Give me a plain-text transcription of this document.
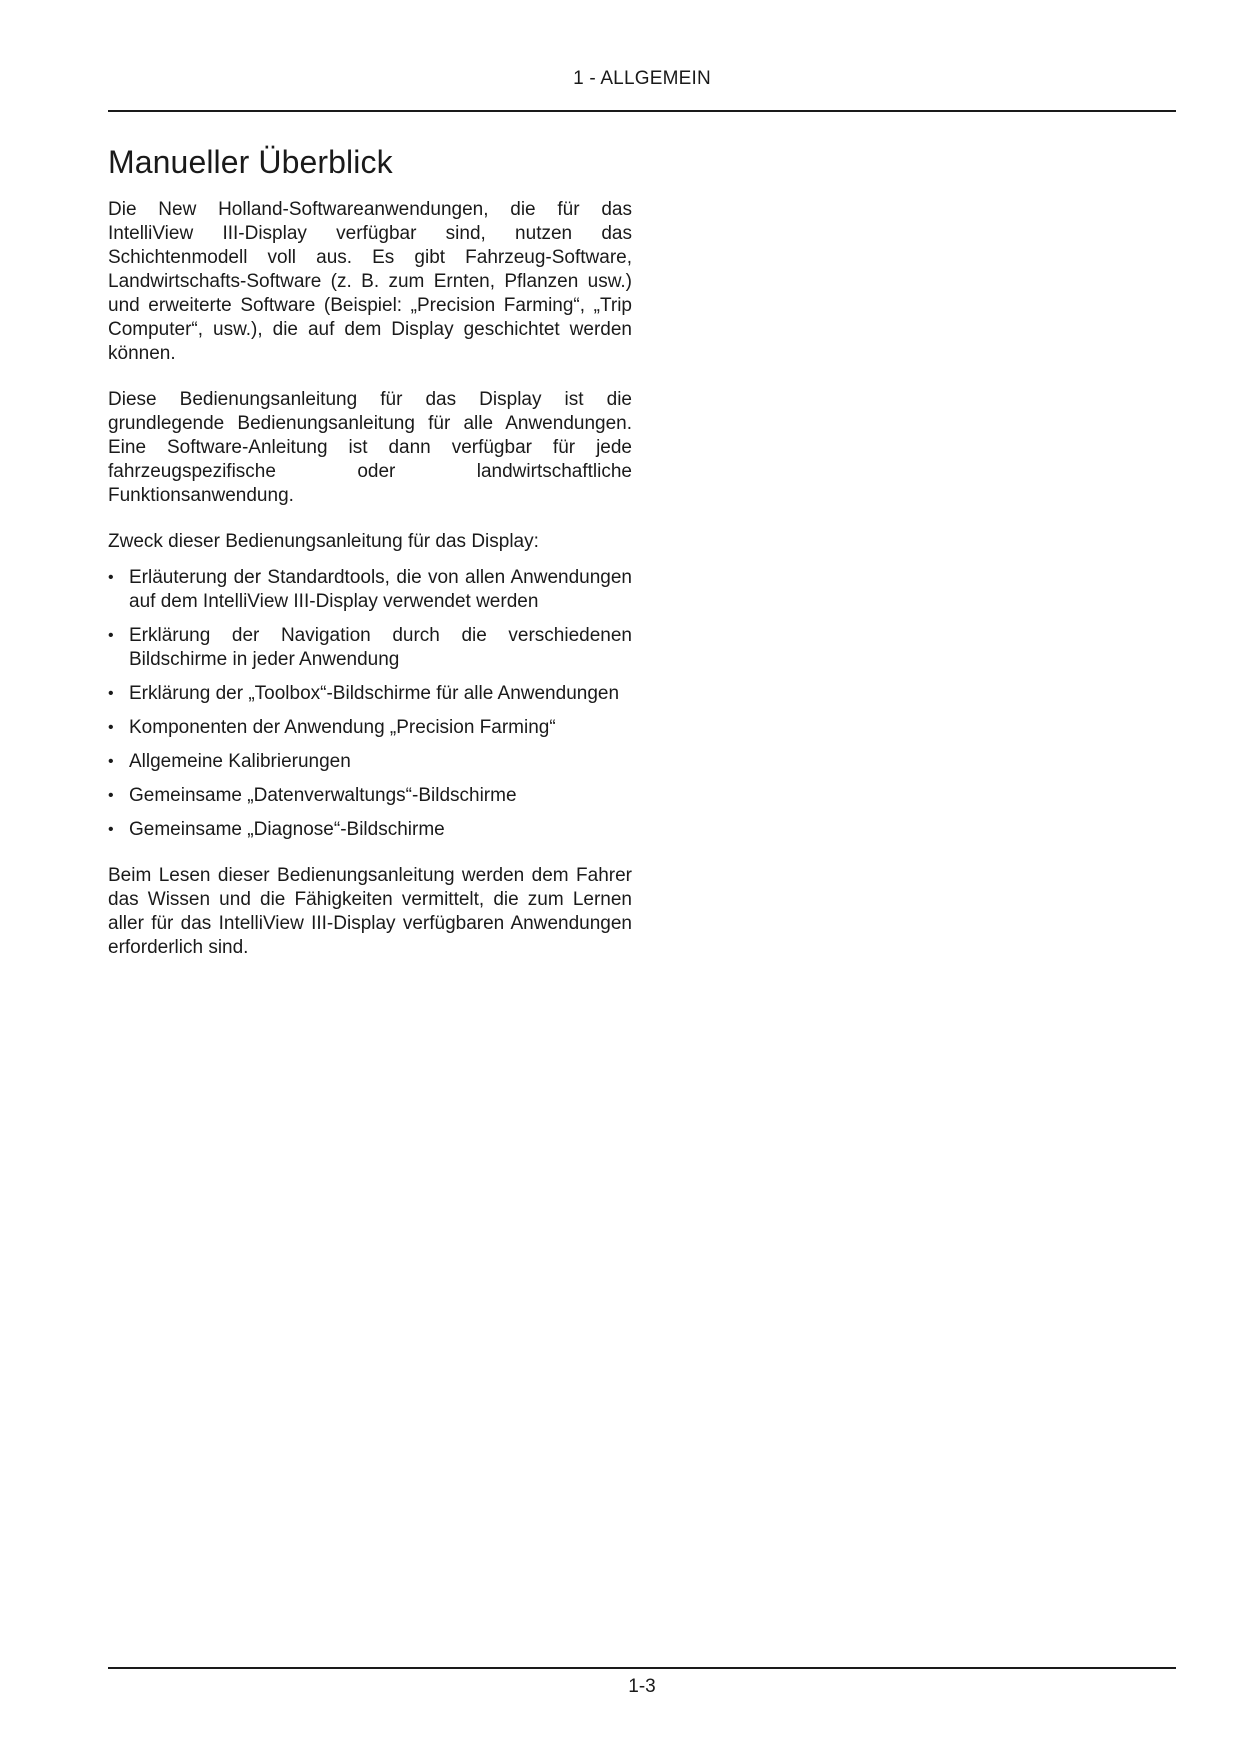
1 - ALLGEMEIN
Manueller Überblick

Die New Holland-Softwareanwendungen, die für das IntelliView III-Display verfügbar sind, nutzen das Schichtenmodell voll aus. Es gibt Fahrzeug-Software, Landwirtschafts-Software (z. B. zum Ernten, Pflanzen usw.) und erweiterte Software (Beispiel: „Precision Farming“, „Trip Computer“, usw.), die auf dem Display geschichtet werden können.

Diese Bedienungsanleitung für das Display ist die grundlegende Bedienungsanleitung für alle Anwendungen. Eine Software-Anleitung ist dann verfügbar für jede fahrzeugspezifische oder landwirtschaftliche Funktionsanwendung.

Zweck dieser Bedienungsanleitung für das Display:

• Erläuterung der Standardtools, die von allen Anwendungen auf dem IntelliView III-Display verwendet werden
• Erklärung der Navigation durch die verschiedenen Bildschirme in jeder Anwendung
• Erklärung der „Toolbox“-Bildschirme für alle Anwendungen
• Komponenten der Anwendung „Precision Farming“
• Allgemeine Kalibrierungen
• Gemeinsame „Datenverwaltungs“-Bildschirme
• Gemeinsame „Diagnose“-Bildschirme

Beim Lesen dieser Bedienungsanleitung werden dem Fahrer das Wissen und die Fähigkeiten vermittelt, die zum Lernen aller für das IntelliView III-Display verfügbaren Anwendungen erforderlich sind.

1-3
